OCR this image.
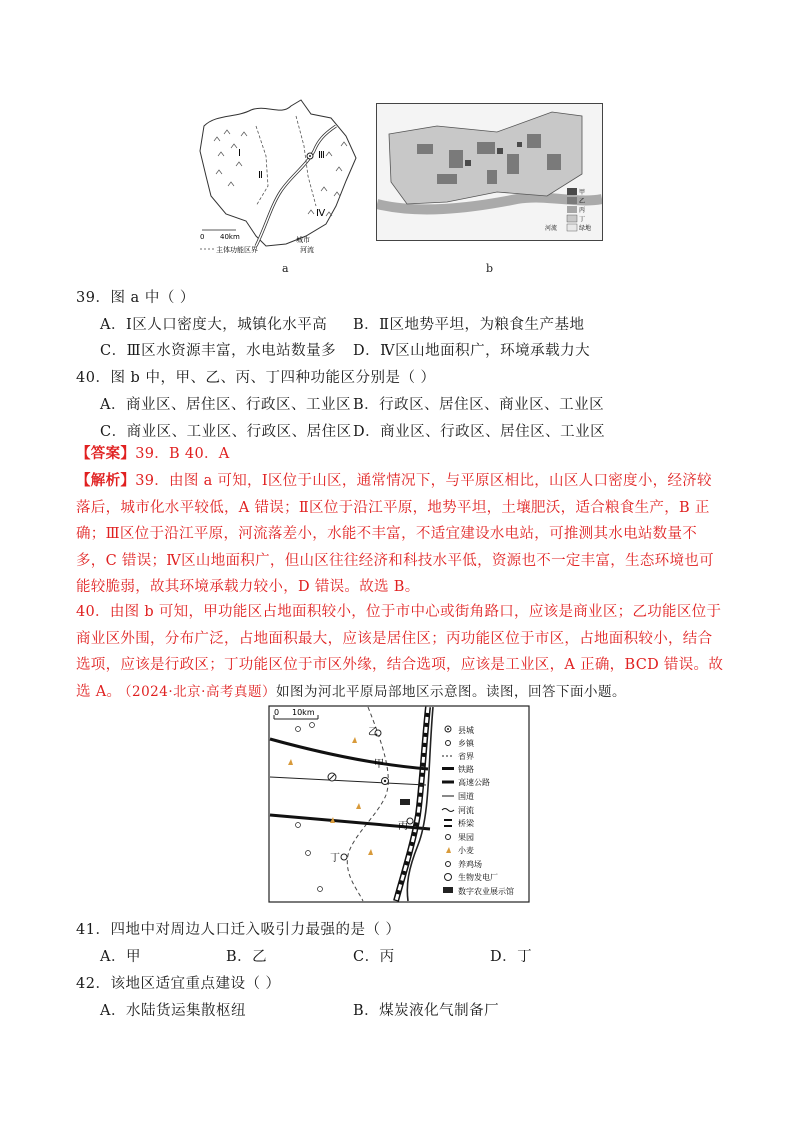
Ⅰ
Ⅱ
Ⅲ
Ⅳ
0 40km
主体功能区界
城市
河流
a
甲
乙
丙
丁
绿地
河流
b
39．图 a 中（ ）
A．Ⅰ区人口密度大，城镇化水平高 B．Ⅱ区地势平坦，为粮食生产基地
C．Ⅲ区水资源丰富，水电站数量多 D．Ⅳ区山地面积广，环境承载力大
40．图 b 中，甲、乙、丙、丁四种功能区分别是（ ）
A．商业区、居住区、行政区、工业区 B．行政区、居住区、商业区、工业区
C．商业区、工业区、行政区、居住区 D．商业区、行政区、居住区、工业区
【答案】39．B 40．A
【解析】39．由图 a 可知，Ⅰ区位于山区，通常情况下，与平原区相比，山区人口密度小，经济较落后，城市化水平较低，A 错误；Ⅱ区位于沿江平原，地势平坦，土壤肥沃，适合粮食生产，B 正确；Ⅲ区位于沿江平原，河流落差小，水能不丰富，不适宜建设水电站，可推测其水电站数量不多，C 错误；Ⅳ区山地面积广，但山区往往经济和科技水平低，资源也不一定丰富，生态环境也可能较脆弱，故其环境承载力较小，D 错误。故选 B。
40．由图 b 可知，甲功能区占地面积较小，位于市中心或街角路口，应该是商业区；乙功能区位于商业区外围，分布广泛，占地面积最大，应该是居住区；丙功能区位于市区，占地面积较小，结合选项，应该是行政区；丁功能区位于市区外缘，结合选项，应该是工业区，A 正确，BCD 错误。故选 A。
（2024·北京·高考真题）如图为河北平原局部地区示意图。读图，回答下面小题。
0 10km
甲
乙
丙
丁
县城
乡镇
省界
铁路
高速公路
国道
河流
桥梁
果园
小麦
养鸡场
生物发电厂
数字农业展示馆
41．四地中对周边人口迁入吸引力最强的是（ ）
A．甲	B．乙	C．丙	D．丁
42．该地区适宜重点建设（ ）
A．水陆货运集散枢纽	B．煤炭液化气制备厂
